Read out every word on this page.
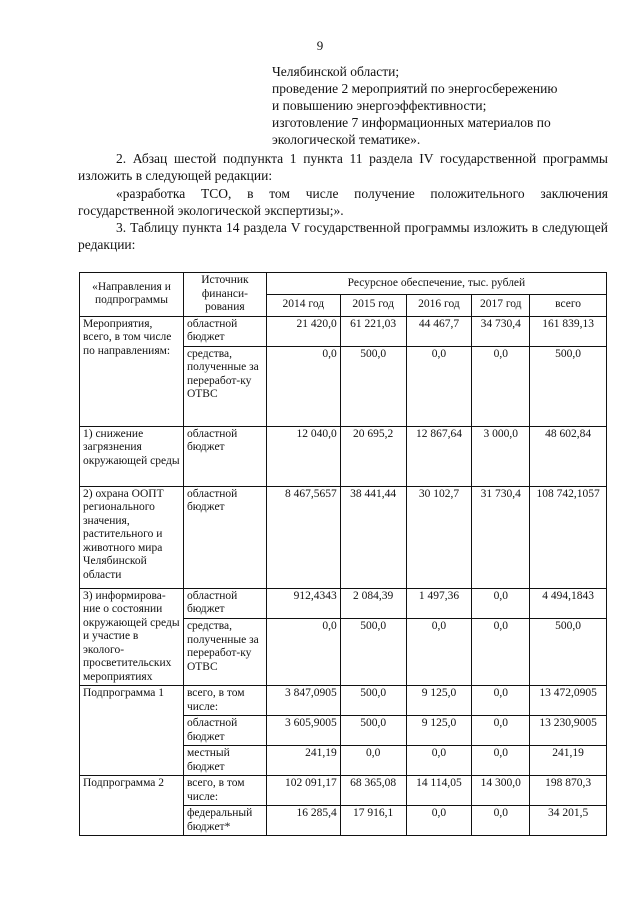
9
Челябинской области;
проведение 2 мероприятий по энергосбережению
и повышению энергоэффективности;
изготовление 7 информационных материалов по
экологической тематике».
2. Абзац шестой подпункта 1 пункта 11 раздела IV государственной программы изложить в следующей редакции:
«разработка ТСО, в том числе получение положительного заключения государственной экологической экспертизы;».
3. Таблицу пункта 14 раздела V государственной программы изложить в следующей редакции:
«Направления и подпрограммы	Источник финанси-рования	Ресурсное обеспечение, тыс. рублей				
		2014 год	2015 год	2016 год	2017 год	всего
Мероприятия, всего, в том числе по направлениям:	областной бюджет	21 420,0	61 221,03	44 467,7	34 730,4	161 839,13
	средства, полученные за переработ-ку ОТВС	0,0	500,0	0,0	0,0	500,0
1) снижение загрязнения окружающей среды	областной бюджет	12 040,0	20 695,2	12 867,64	3 000,0	48 602,84
2) охрана ООПТ регионального значения, растительного и животного мира Челябинской области	областной бюджет	8 467,5657	38 441,44	30 102,7	31 730,4	108 742,1057
3) информирова-ние о состоянии окружающей среды и участие в эколого-просветительских мероприятиях	областной бюджет	912,4343	2 084,39	1 497,36	0,0	4 494,1843
	средства, полученные за переработ-ку ОТВС	0,0	500,0	0,0	0,0	500,0
Подпрограмма 1	всего, в том числе:	3 847,0905	500,0	9 125,0	0,0	13 472,0905
	областной бюджет	3 605,9005	500,0	9 125,0	0,0	13 230,9005
	местный бюджет	241,19	0,0	0,0	0,0	241,19
Подпрограмма 2	всего, в том числе:	102 091,17	68 365,08	14 114,05	14 300,0	198 870,3
	федеральный бюджет*	16 285,4	17 916,1	0,0	0,0	34 201,5
